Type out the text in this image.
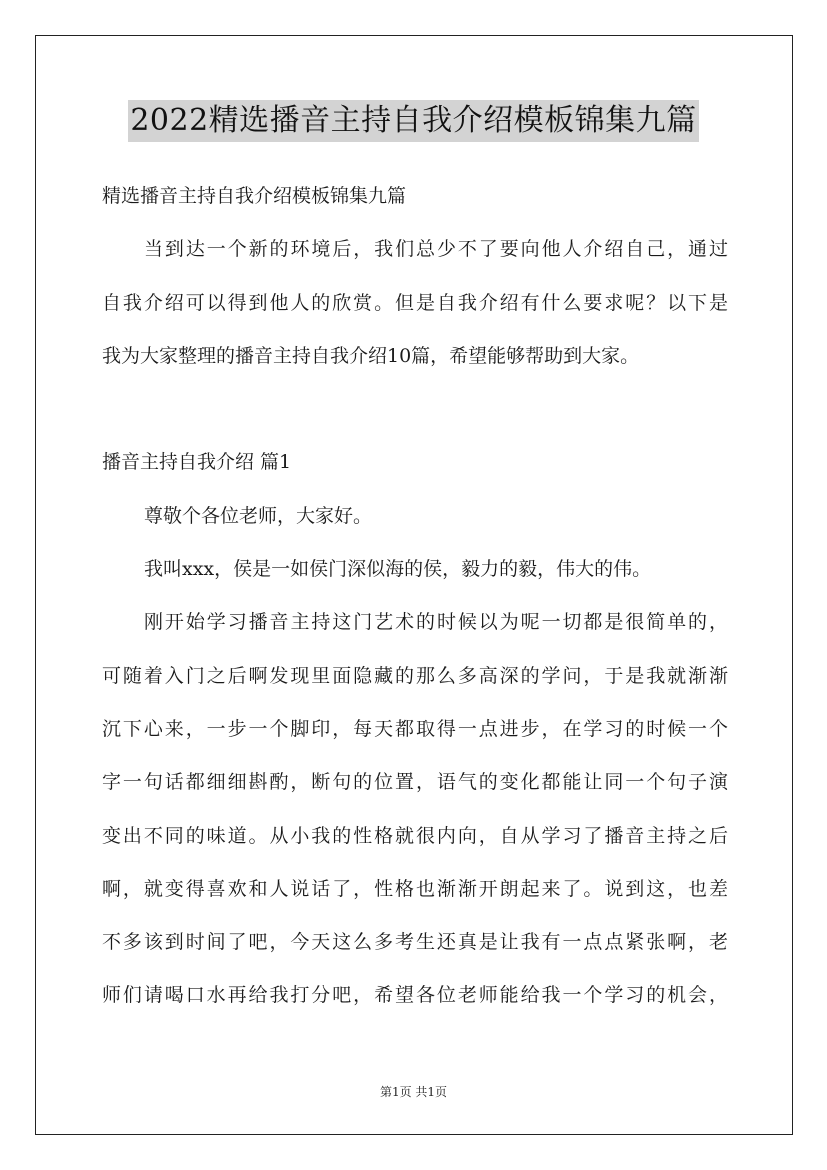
2022精选播音主持自我介绍模板锦集九篇
精选播音主持自我介绍模板锦集九篇
当到达一个新的环境后，我们总少不了要向他人介绍自己，通过
自我介绍可以得到他人的欣赏。但是自我介绍有什么要求呢？以下是
我为大家整理的播音主持自我介绍10篇，希望能够帮助到大家。
播音主持自我介绍 篇1
尊敬个各位老师，大家好。
我叫xxx，侯是一如侯门深似海的侯，毅力的毅，伟大的伟。
刚开始学习播音主持这门艺术的时候以为呢一切都是很简单的，
可随着入门之后啊发现里面隐藏的那么多高深的学问，于是我就渐渐
沉下心来，一步一个脚印，每天都取得一点进步，在学习的时候一个
字一句话都细细斟酌，断句的位置，语气的变化都能让同一个句子演
变出不同的味道。从小我的性格就很内向，自从学习了播音主持之后
啊，就变得喜欢和人说话了，性格也渐渐开朗起来了。说到这，也差
不多该到时间了吧，今天这么多考生还真是让我有一点点紧张啊，老
师们请喝口水再给我打分吧，希望各位老师能给我一个学习的机会，
第1页 共1页
